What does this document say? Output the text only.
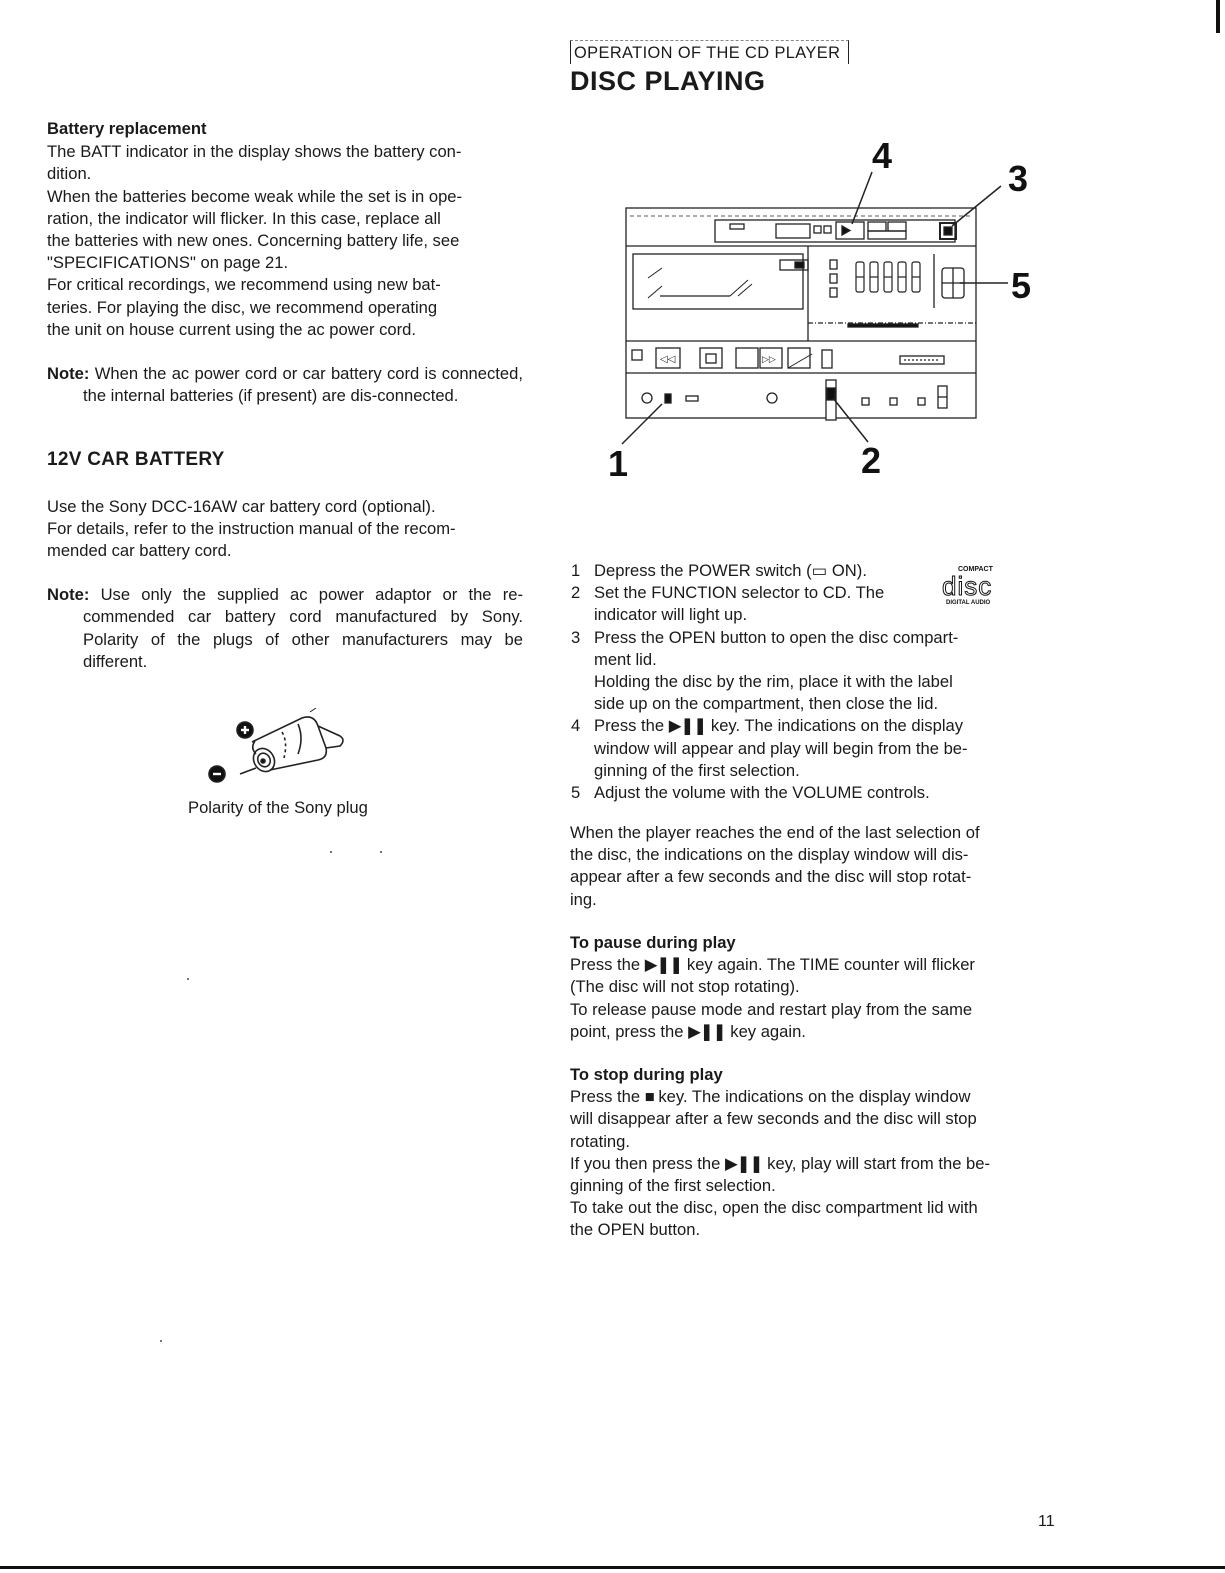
Battery replacement

The BATT indicator in the display shows the battery con-
dition.
When the batteries become weak while the set is in ope-
ration, the indicator will flicker. In this case, replace all
the batteries with new ones. Concerning battery life, see
"SPECIFICATIONS" on page 21.
For critical recordings, we recommend using new bat-
teries. For playing the disc, we recommend operating
the unit on house current using the ac power cord.
Note: When the ac power cord or car battery cord is connected, the internal batteries (if present) are dis-connected.

12V CAR BATTERY

Use the Sony DCC-16AW car battery cord (optional).
For details, refer to the instruction manual of the recom-
mended car battery cord.
Note: Use only the supplied ac power adaptor or the re-commended car battery cord manufactured by Sony. Polarity of the plugs of other manufacturers may be different.
Polarity of the Sony plug
OPERATION OF THE CD PLAYER
DISC PLAYING
◁◁	▷▷
4
3
5
1	2
COMPACT
disc
DIGITAL AUDIO
1 Depress the POWER switch (▭ ON).
2 Set the FUNCTION selector to CD. The
indicator will light up.
3 Press the OPEN button to open the disc compart-
ment lid.
Holding the disc by the rim, place it with the label
side up on the compartment, then close the lid.
4 Press the ▶❚❚ key. The indications on the display
window will appear and play will begin from the be-
ginning of the first selection.
5 Adjust the volume with the VOLUME controls.
When the player reaches the end of the last selection of
the disc, the indications on the display window will dis-
appear after a few seconds and the disc will stop rotat-
ing.
To pause during play
Press the ▶❚❚ key again. The TIME counter will flicker
(The disc will not stop rotating).
To release pause mode and restart play from the same
point, press the ▶❚❚ key again.
To stop during play
Press the ■ key. The indications on the display window
will disappear after a few seconds and the disc will stop
rotating.
If you then press the ▶❚❚ key, play will start from the be-
ginning of the first selection.
To take out the disc, open the disc compartment lid with
the OPEN button.
11
